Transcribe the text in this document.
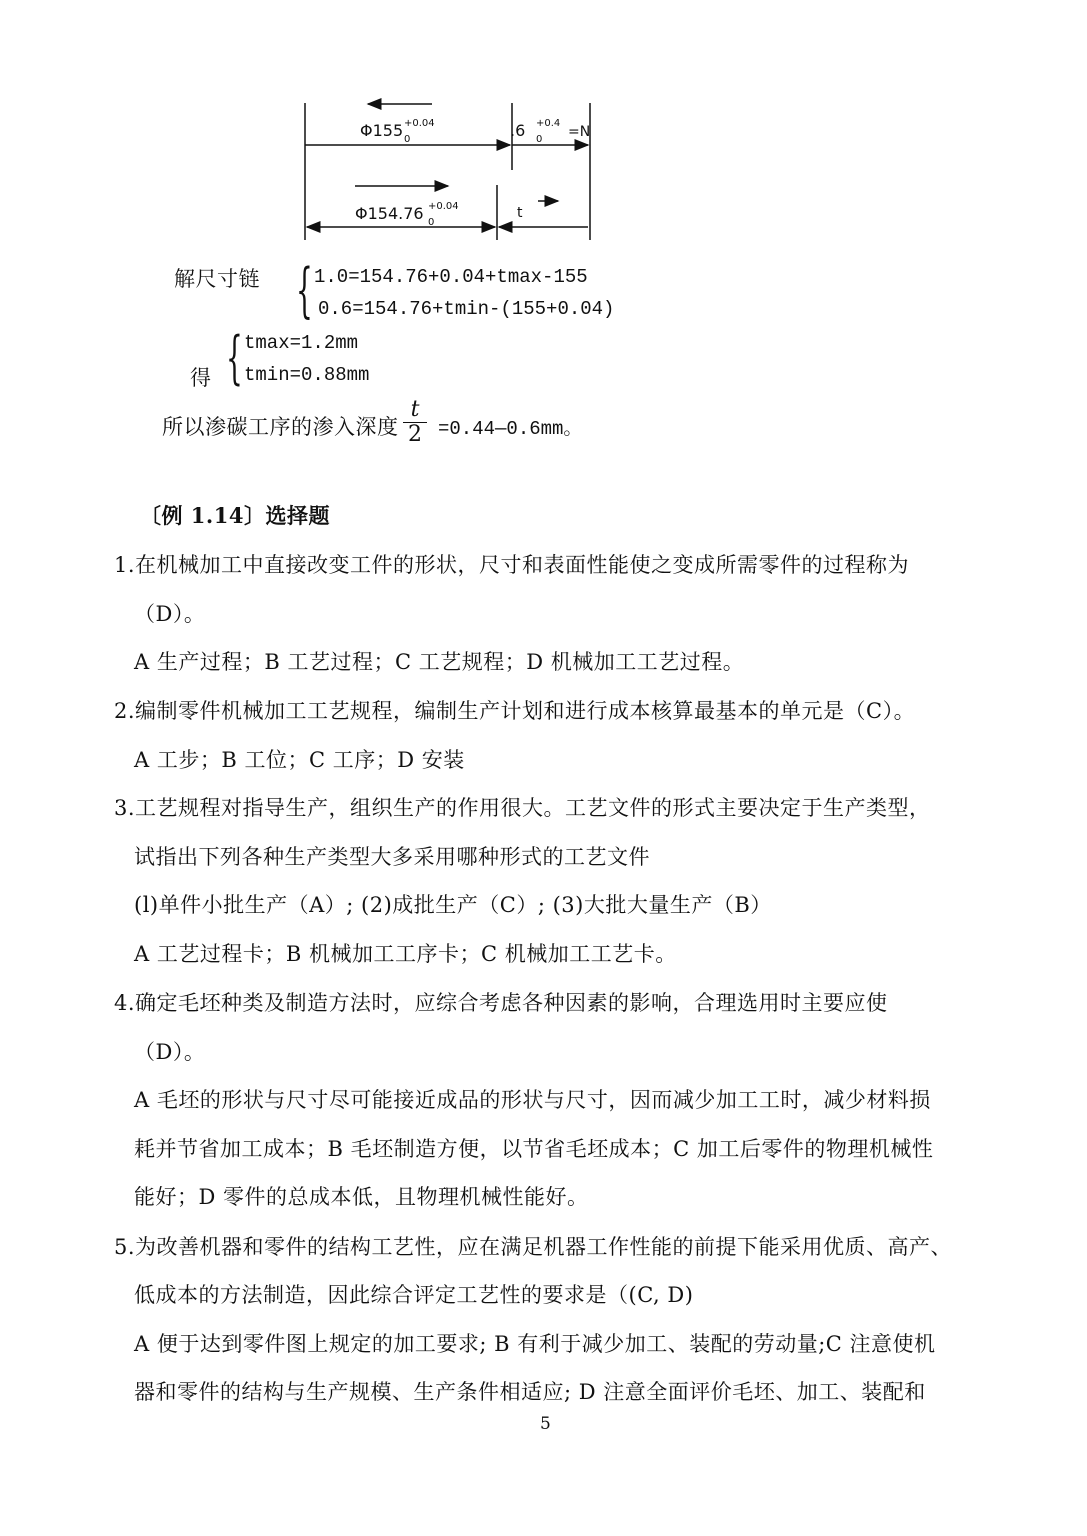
Φ155 +0.04
0	.6 +0.4
0 =N
Φ154.76 +0.04
0
t
解尺寸链 { 1.0=154.76+0.04+tmax-155
0.6=154.76+tmin-(155+0.04)
得 { tmax=1.2mm
tmin=0.88mm
所以渗碳工序的渗入深度 $\frac{t}{2}$ =0.44—0.6mm。
〔例 1.14〕选择题
1.在机械加工中直接改变工件的形状，尺寸和表面性能使之变成所需零件的过程称为
（D）。
A 生产过程；B 工艺过程；C 工艺规程；D 机械加工工艺过程。
2.编制零件机械加工工艺规程，编制生产计划和进行成本核算最基本的单元是（C）。
A 工步；B 工位；C 工序；D 安装
3.工艺规程对指导生产，组织生产的作用很大。工艺文件的形式主要决定于生产类型，
试指出下列各种生产类型大多采用哪种形式的工艺文件
(l)单件小批生产（A）; (2)成批生产（C）; (3)大批大量生产（B）
A 工艺过程卡；B 机械加工工序卡；C 机械加工工艺卡。
4.确定毛坯种类及制造方法时，应综合考虑各种因素的影响，合理选用时主要应使
（D）。
A 毛坯的形状与尺寸尽可能接近成品的形状与尺寸，因而减少加工工时，减少材料损
耗并节省加工成本；B 毛坯制造方便，以节省毛坯成本；C 加工后零件的物理机械性
能好；D 零件的总成本低，且物理机械性能好。
5.为改善机器和零件的结构工艺性，应在满足机器工作性能的前提下能采用优质、高产、
低成本的方法制造，因此综合评定工艺性的要求是（(C, D)
A 便于达到零件图上规定的加工要求; B 有利于减少加工、装配的劳动量;C 注意使机
器和零件的结构与生产规模、生产条件相适应; D 注意全面评价毛坯、加工、装配和
5
